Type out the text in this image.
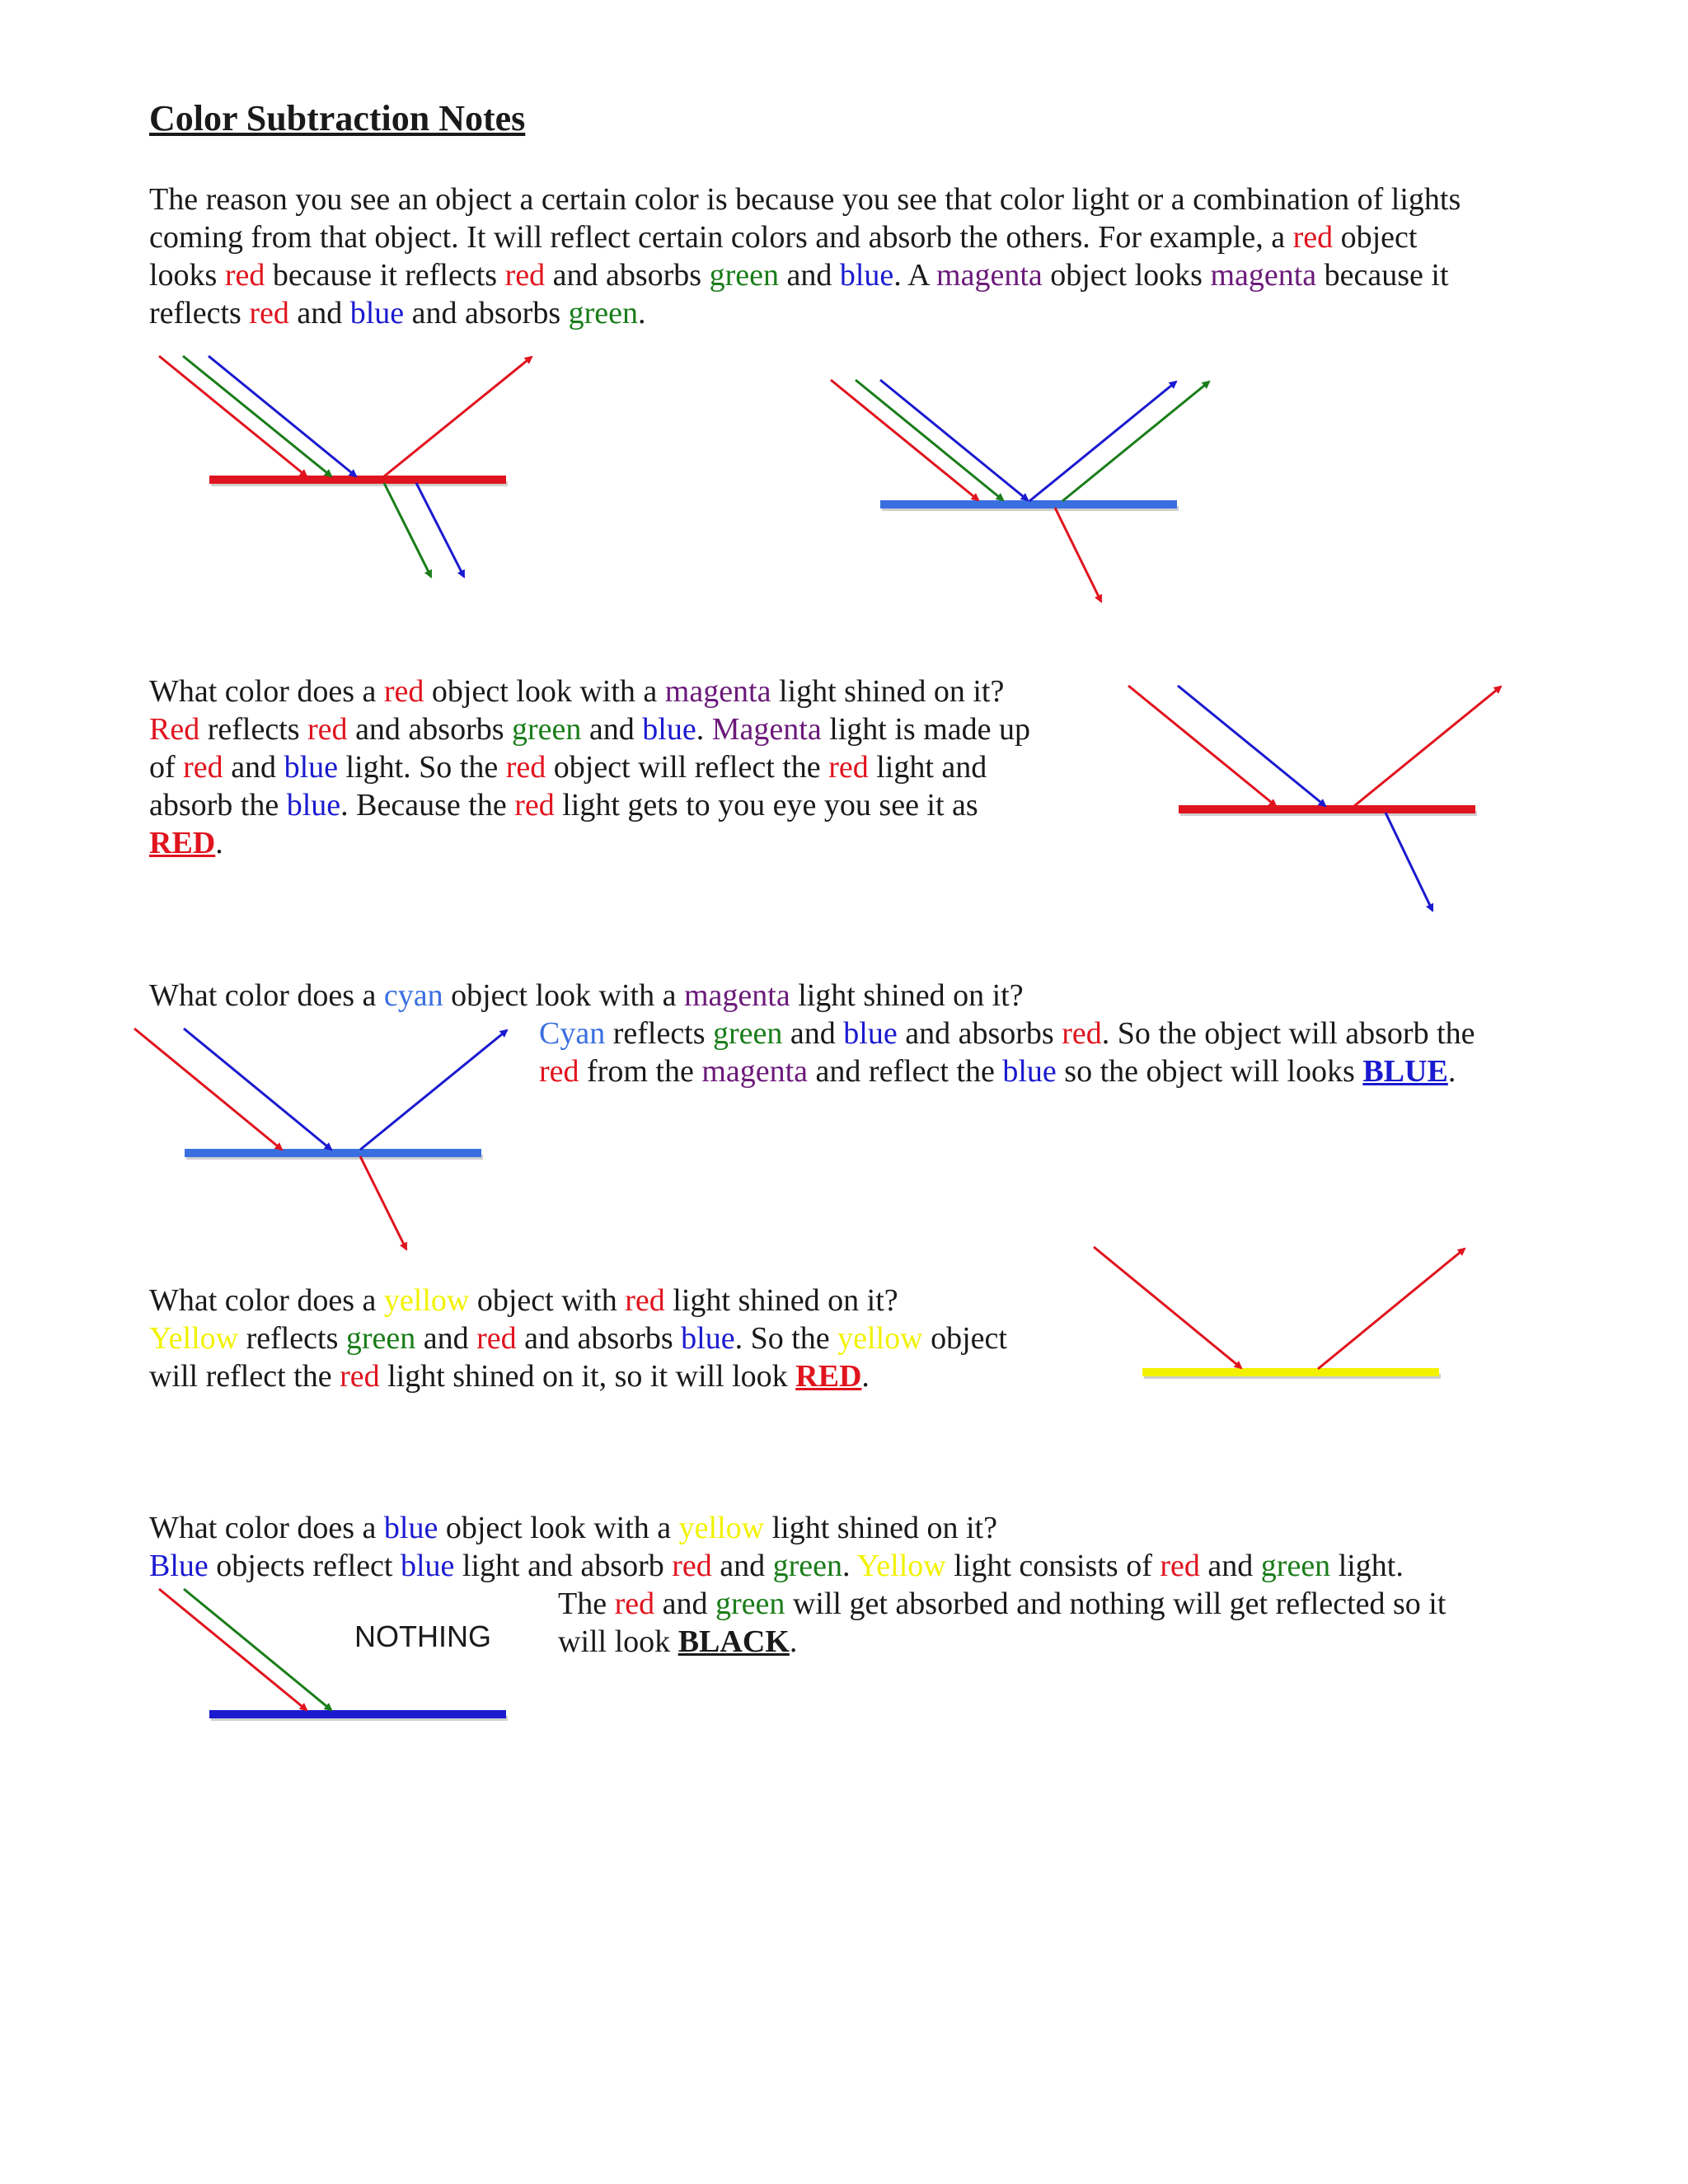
Color Subtraction Notes
The reason you see an object a certain color is because you see that color light or a combination of lights
coming from that object. It will reflect certain colors and absorb the others. For example, a red object
looks red because it reflects red and absorbs green and blue. A magenta object looks magenta because it
reflects red and blue and absorbs green.
What color does a red object look with a magenta light shined on it?
Red reflects red and absorbs green and blue. Magenta light is made up
of red and blue light. So the red object will reflect the red light and
absorb the blue. Because the red light gets to you eye you see it as
RED.
What color does a cyan object look with a magenta light shined on it?
Cyan reflects green and blue and absorbs red. So the object will absorb the
red from the magenta and reflect the blue so the object will looks BLUE.
What color does a yellow object with red light shined on it?
Yellow reflects green and red and absorbs blue. So the yellow object
will reflect the red light shined on it, so it will look RED.
What color does a blue object look with a yellow light shined on it?
Blue objects reflect blue light and absorb red and green. Yellow light consists of red and green light.
The red and green will get absorbed and nothing will get reflected so it
will look BLACK.
NOTHING
